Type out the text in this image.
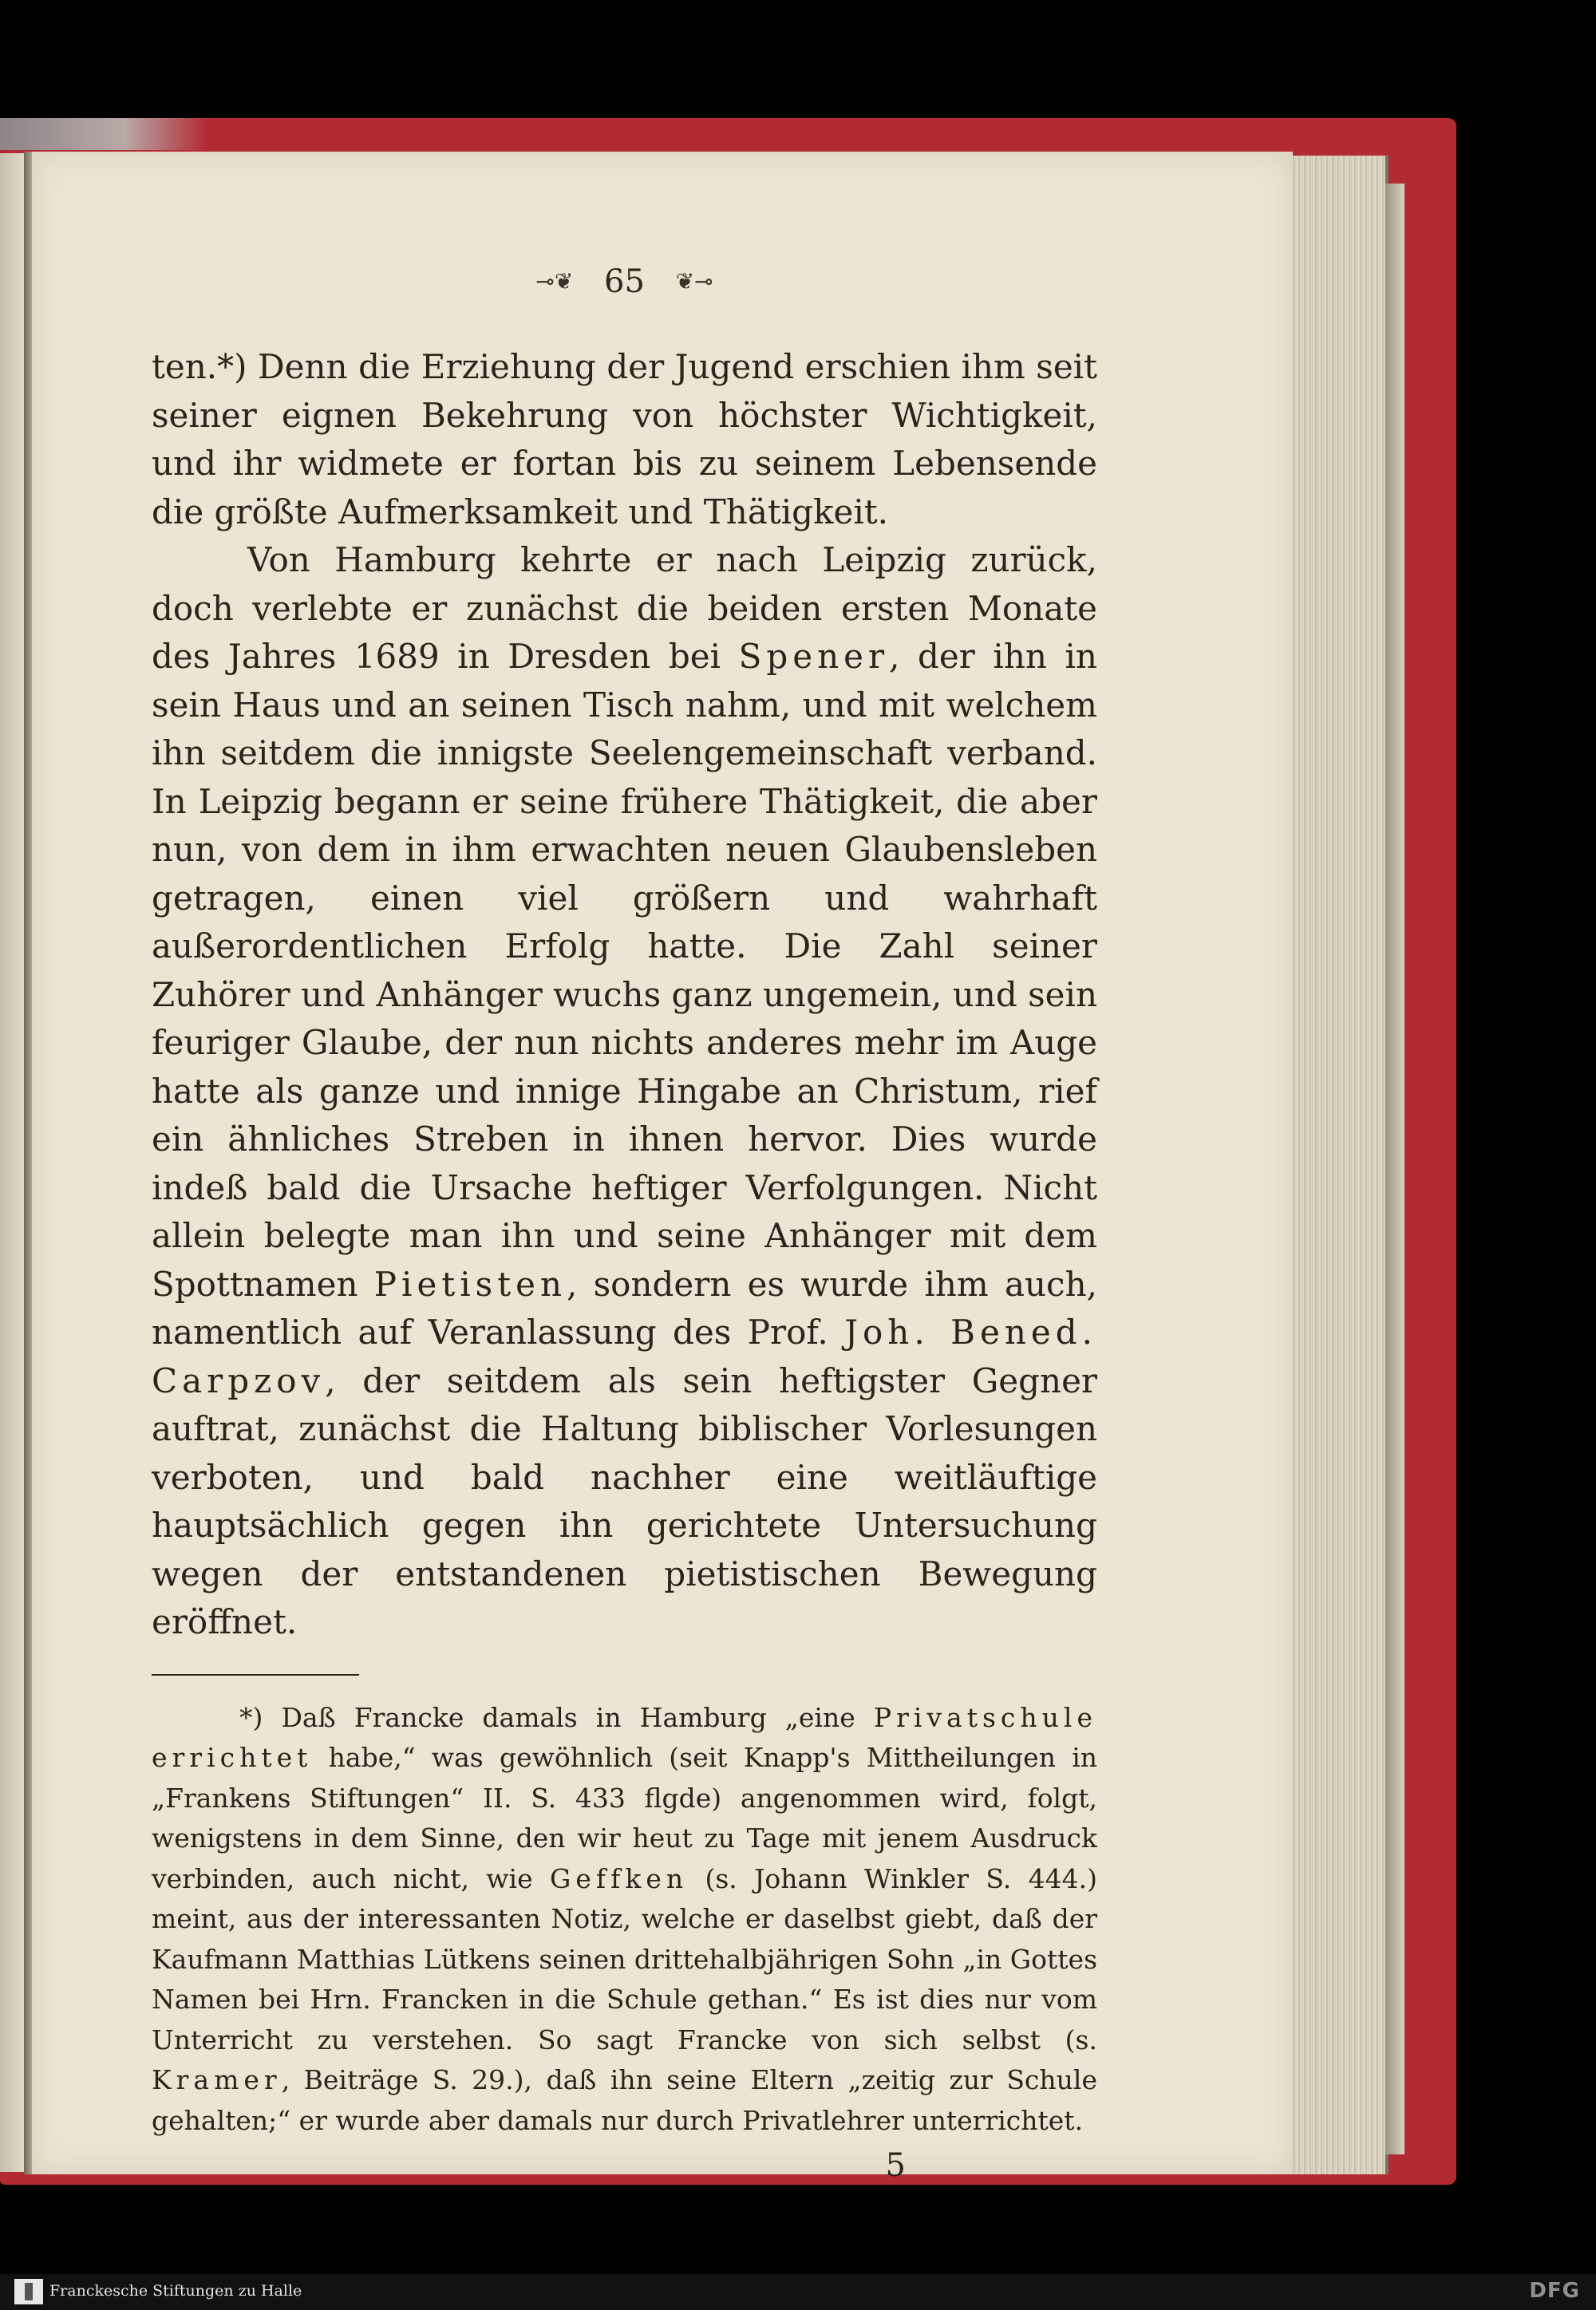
⊸❦ 65 ❦⊸

ten.*) Denn die Erziehung der Jugend erschien ihm seit seiner eignen Bekehrung von höchster Wichtigkeit, und ihr widmete er fortan bis zu seinem Lebensende die größte Aufmerksamkeit und Thätigkeit.

Von Hamburg kehrte er nach Leipzig zurück, doch verlebte er zunächst die beiden ersten Monate des Jahres 1689 in Dresden bei Spener, der ihn in sein Haus und an seinen Tisch nahm, und mit welchem ihn seitdem die innigste Seelengemeinschaft verband. In Leipzig begann er seine frühere Thätigkeit, die aber nun, von dem in ihm erwachten neuen Glaubensleben getragen, einen viel größern und wahrhaft außerordentlichen Erfolg hatte. Die Zahl seiner Zuhörer und Anhänger wuchs ganz ungemein, und sein feuriger Glaube, der nun nichts anderes mehr im Auge hatte als ganze und innige Hingabe an Christum, rief ein ähnliches Streben in ihnen hervor. Dies wurde indeß bald die Ursache heftiger Verfolgungen. Nicht allein belegte man ihn und seine Anhänger mit dem Spottnamen Pietisten, sondern es wurde ihm auch, namentlich auf Veranlassung des Prof. Joh. Bened. Carpzov, der seitdem als sein heftigster Gegner auftrat, zunächst die Haltung biblischer Vorlesungen verboten, und bald nachher eine weitläuftige hauptsächlich gegen ihn gerichtete Untersuchung wegen der entstandenen pietistischen Bewegung eröffnet.

*) Daß Francke damals in Hamburg „eine Privatschule errichtet habe,“ was gewöhnlich (seit Knapp's Mittheilungen in „Frankens Stiftungen“ II. S. 433 flgde) angenommen wird, folgt, wenigstens in dem Sinne, den wir heut zu Tage mit jenem Ausdruck verbinden, auch nicht, wie Geffken (s. Johann Winkler S. 444.) meint, aus der interessanten Notiz, welche er daselbst giebt, daß der Kaufmann Matthias Lütkens seinen drittehalbjährigen Sohn „in Gottes Namen bei Hrn. Francken in die Schule gethan.“ Es ist dies nur vom Unterricht zu verstehen. So sagt Francke von sich selbst (s. Kramer, Beiträge S. 29.), daß ihn seine Eltern „zeitig zur Schule gehalten;“ er wurde aber damals nur durch Privatlehrer unterrichtet.
5
Franckesche Stiftungen zu Halle	DFG
